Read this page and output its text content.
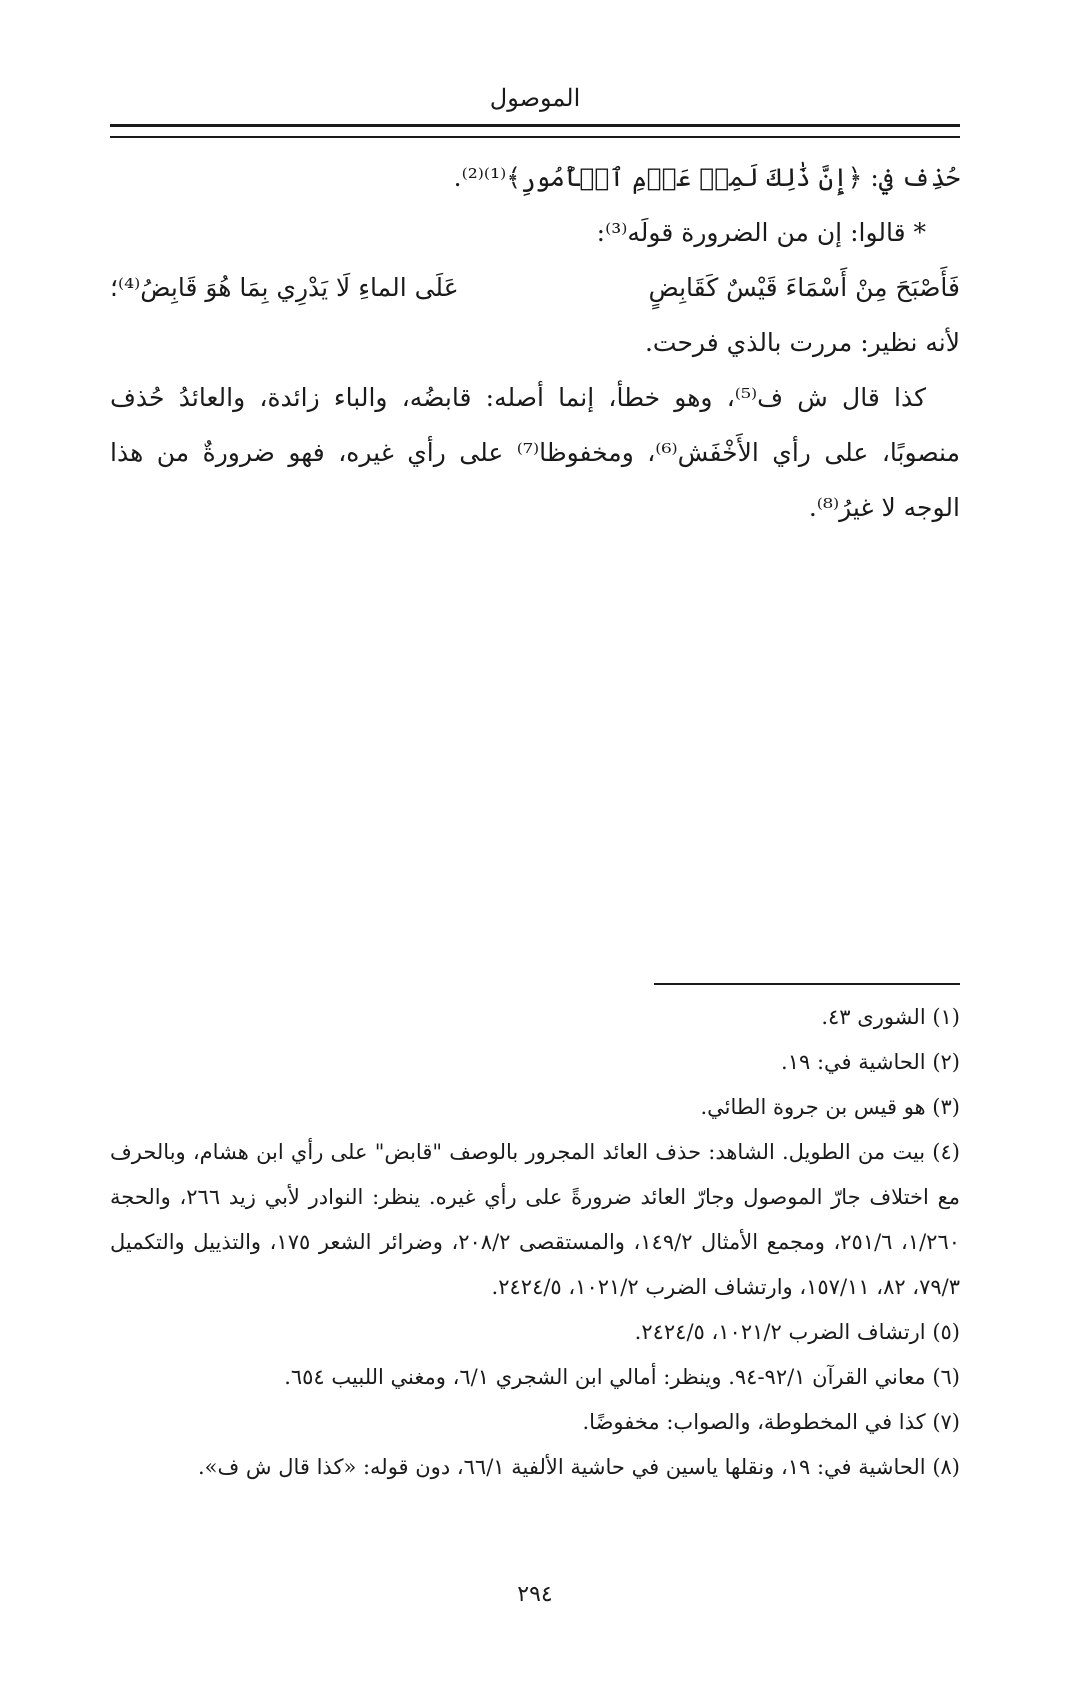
الموصول

حُذِف في: ﴿إِنَّ ذَٰلِكَ لَمِنۡ عَزۡمِ ٱلۡأُمُورِ﴾⁽¹⁾⁽²⁾.

* قالوا: إن من الضرورة قولَه⁽³⁾:

فَأَصْبَحَ مِنْ أَسْمَاءَ قَيْسٌ كَقَابِضٍ
عَلَى الماءِ لَا يَدْرِي بِمَا هُوَ قَابِضُ⁽⁴⁾؛

لأنه نظير: مررت بالذي فرحت.

كذا قال ش ف⁽⁵⁾، وهو خطأ، إنما أصله: قابضُه، والباء زائدة، والعائدُ حُذف منصوبًا، على رأي الأَخْفَش⁽⁶⁾، ومخفوظا⁽⁷⁾ على رأي غيره، فهو ضرورةٌ من هذا الوجه لا غيرُ⁽⁸⁾.

(١) الشورى ٤٣.

(٢) الحاشية في: ١٩.

(٣) هو قيس بن جروة الطائي.

(٤) بيت من الطويل. الشاهد: حذف العائد المجرور بالوصف "قابض" على رأي ابن هشام، وبالحرف مع اختلاف جارّ الموصول وجارّ العائد ضرورةً على رأي غيره. ينظر: النوادر لأبي زيد ٢٦٦، والحجة ١/٢٦٠، ٢٥١/٦، ومجمع الأمثال ١٤٩/٢، والمستقصى ٢٠٨/٢، وضرائر الشعر ١٧٥، والتذييل والتكميل ٧٩/٣، ٨٢، ١٥٧/١١، وارتشاف الضرب ١٠٢١/٢، ٢٤٢٤/٥.

(٥) ارتشاف الضرب ١٠٢١/٢، ٢٤٢٤/٥.

(٦) معاني القرآن ٩٢/١-٩٤. وينظر: أمالي ابن الشجري ٦/١، ومغني اللبيب ٦٥٤.

(٧) كذا في المخطوطة، والصواب: مخفوضًا.

(٨) الحاشية في: ١٩، ونقلها ياسين في حاشية الألفية ٦٦/١، دون قوله: «كذا قال ش ف».

٢٩٤
